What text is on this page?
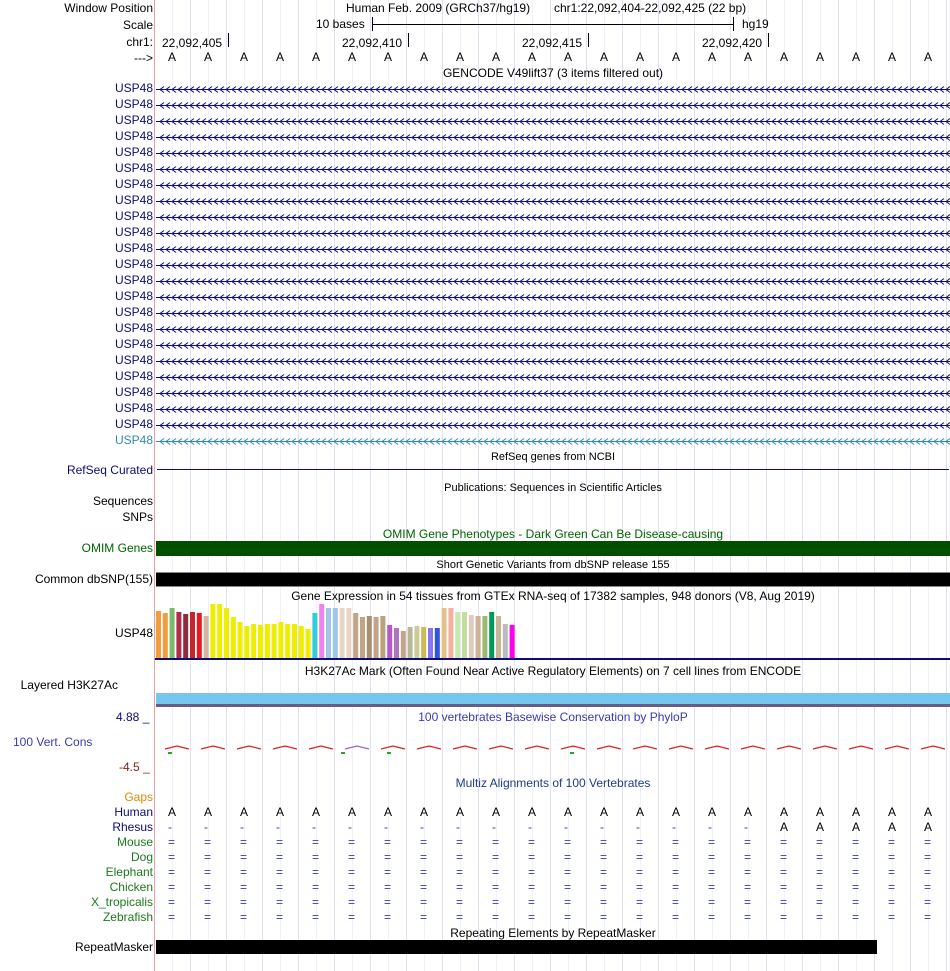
Window Position	Human Feb. 2009 (GRCh37/hg19) chr1:22,092,404-22,092,425 (22 bp)
Scale	10 bases	hg19
chr1: 22,092,405	22,092,410	22,092,415	22,092,420
--->
GENCODE V49lift37 (3 items filtered out)
RefSeq genes from NCBI
RefSeq Curated
Publications: Sequences in Scientific Articles
Sequences
SNPs
OMIM Gene Phenotypes - Dark Green Can Be Disease-causing
OMIM Genes
Short Genetic Variants from dbSNP release 155
Common dbSNP(155)
Gene Expression in 54 tissues from GTEx RNA-seq of 17382 samples, 948 donors (V8, Aug 2019)
USP48
H3K27Ac Mark (Often Found Near Active Regulatory Elements) on 7 cell lines from ENCODE
Layered H3K27Ac
100 vertebrates Basewise Conservation by PhyloP
4.88 _
100 Vert. Cons
-4.5 _
Multiz Alignments of 100 Vertebrates
Gaps
Repeating Elements by RepeatMasker
RepeatMasker
A A A A A A A A A A A A A A A A A A A A A A
USP48
USP48
USP48
USP48
USP48
USP48
USP48
USP48
USP48
USP48
USP48
USP48
USP48
USP48
USP48
USP48
USP48
USP48
USP48
USP48
USP48
USP48
USP48
Human A A A A A A A A A A A A A A A A A A A A A A
Rhesus -	-	-	-	-	-	-	-	-	-	-	-	-	-	-	-	-	A A A A A
Mouse = = = = = = = = = = = = = = = = = = = = = =
Dog = = = = = = = = = = = = = = = = = = = = = =
Elephant = = = = = = = = = = = = = = = = = = = = = =
Chicken = = = = = = = = = = = = = = = = = = = = = =
X_tropicalis = = = = = = = = = = = = = = = = = = = = = =
Zebrafish = = = = = = = = = = = = = = = = = = = = = =
